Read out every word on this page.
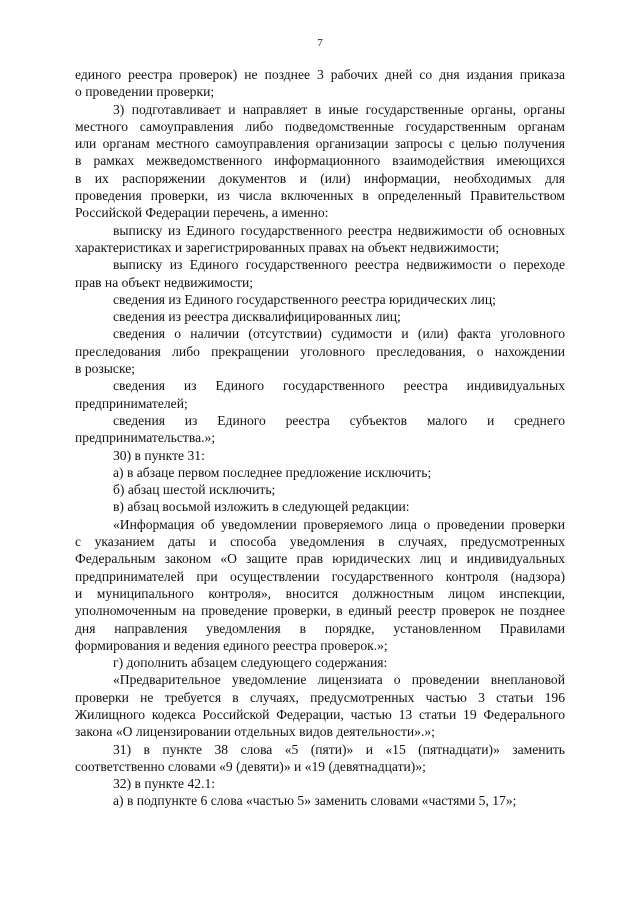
7
единого реестра проверок) не позднее 3 рабочих дней со дня издания приказа
о проведении проверки;
3) подготавливает и направляет в иные государственные органы, органы
местного самоуправления либо подведомственные государственным органам
или органам местного самоуправления организации запросы с целью получения
в рамках межведомственного информационного взаимодействия имеющихся
в их распоряжении документов и (или) информации, необходимых для
проведения проверки, из числа включенных в определенный Правительством
Российской Федерации перечень, а именно:
выписку из Единого государственного реестра недвижимости об основных
характеристиках и зарегистрированных правах на объект недвижимости;
выписку из Единого государственного реестра недвижимости о переходе
прав на объект недвижимости;
сведения из Единого государственного реестра юридических лиц;
сведения из реестра дисквалифицированных лиц;
сведения о наличии (отсутствии) судимости и (или) факта уголовного
преследования либо прекращении уголовного преследования, о нахождении
в розыске;
сведения из Единого государственного реестра индивидуальных
предпринимателей;
сведения из Единого реестра субъектов малого и среднего
предпринимательства.»;
30) в пункте 31:
а) в абзаце первом последнее предложение исключить;
б) абзац шестой исключить;
в) абзац восьмой изложить в следующей редакции:
«Информация об уведомлении проверяемого лица о проведении проверки
с указанием даты и способа уведомления в случаях, предусмотренных
Федеральным законом «О защите прав юридических лиц и индивидуальных
предпринимателей при осуществлении государственного контроля (надзора)
и муниципального контроля», вносится должностным лицом инспекции,
уполномоченным на проведение проверки, в единый реестр проверок не позднее
дня направления уведомления в порядке, установленном Правилами
формирования и ведения единого реестра проверок.»;
г) дополнить абзацем следующего содержания:
«Предварительное уведомление лицензиата о проведении внеплановой
проверки не требуется в случаях, предусмотренных частью 3 статьи 196
Жилищного кодекса Российской Федерации, частью 13 статьи 19 Федерального
закона «О лицензировании отдельных видов деятельности».»;
31) в пункте 38 слова «5 (пяти)» и «15 (пятнадцати)» заменить
соответственно словами «9 (девяти)» и «19 (девятнадцати)»;
32) в пункте 42.1:
а) в подпункте 6 слова «частью 5» заменить словами «частями 5, 17»;
